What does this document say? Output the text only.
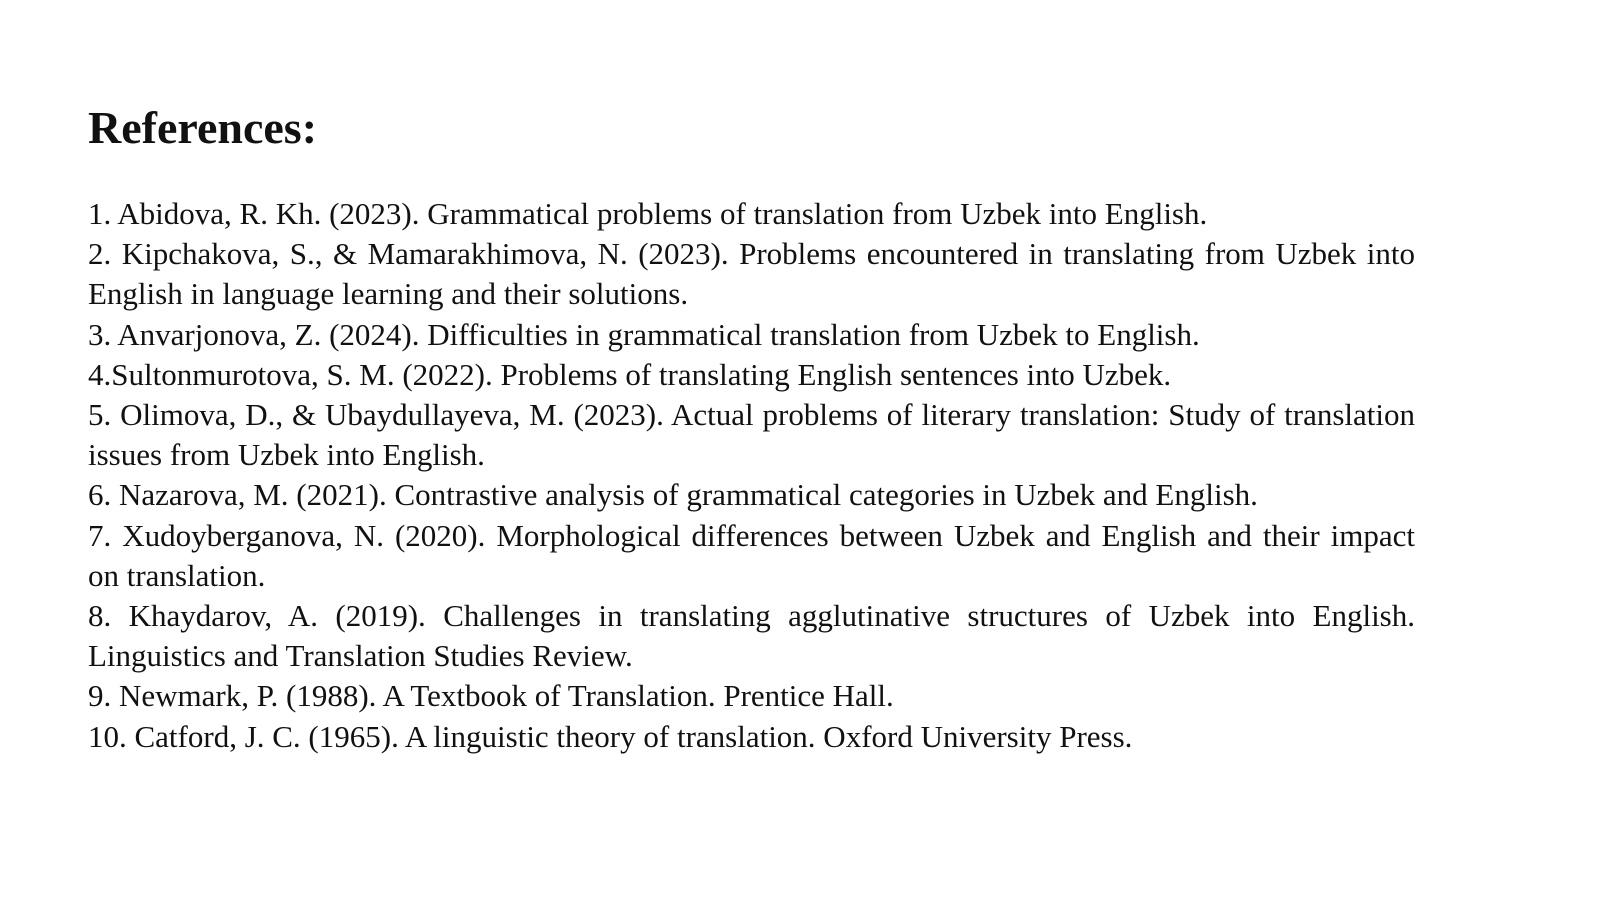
References:
1. Abidova, R. Kh. (2023). Grammatical problems of translation from Uzbek into English.
2. Kipchakova, S., & Mamarakhimova, N. (2023). Problems encountered in translating from Uzbek into English in language learning and their solutions.
3. Anvarjonova, Z. (2024). Difficulties in grammatical translation from Uzbek to English.
4.Sultonmurotova, S. M. (2022). Problems of translating English sentences into Uzbek.
5. Olimova, D., & Ubaydullayeva, M. (2023). Actual problems of literary translation: Study of translation issues from Uzbek into English.
6. Nazarova, M. (2021). Contrastive analysis of grammatical categories in Uzbek and English.
7. Xudoyberganova, N. (2020). Morphological differences between Uzbek and English and their impact on translation.
8. Khaydarov, A. (2019). Challenges in translating agglutinative structures of Uzbek into English. Linguistics and Translation Studies Review.
9. Newmark, P. (1988). A Textbook of Translation. Prentice Hall.
10. Catford, J. C. (1965). A linguistic theory of translation. Oxford University Press.
